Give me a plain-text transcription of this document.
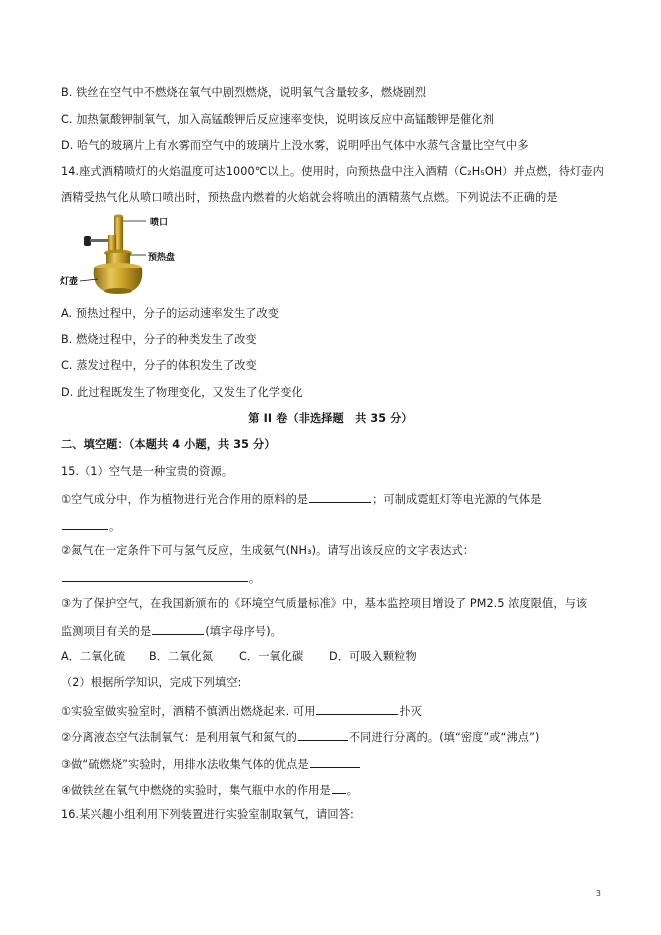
B. 铁丝在空气中不燃烧在氧气中剧烈燃烧，说明氧气含量较多，燃烧剧烈
C. 加热氯酸钾制氧气，加入高锰酸钾后反应速率变快，说明该反应中高锰酸钾是催化剂
D. 哈气的玻璃片上有水雾而空气中的玻璃片上没水雾，说明呼出气体中水蒸气含量比空气中多
14.座式酒精喷灯的火焰温度可达1000℃以上。使用时，向预热盘中注入酒精（C₂H₅OH）并点燃，待灯壶内
酒精受热气化从喷口喷出时，预热盘内燃着的火焰就会将喷出的酒精蒸气点燃。下列说法不正确的是
喷口
预热盘
灯壶
A. 预热过程中，分子的运动速率发生了改变
B. 燃烧过程中，分子的种类发生了改变
C. 蒸发过程中，分子的体积发生了改变
D. 此过程既发生了物理变化，又发生了化学变化
第 II 卷（非选择题　共 35 分）
二、填空题：（本题共 4 小题，共 35 分）
15.（1）空气是一种宝贵的资源。
①空气成分中，作为植物进行光合作用的原料的是	；可制成霓虹灯等电光源的气体是
。
②氮气在一定条件下可与氢气反应，生成氨气(NH₃)。请写出该反应的文字表达式：
。
③为了保护空气，在我国新颁布的《环境空气质量标准》中，基本监控项目增设了 PM2.5 浓度限值，与该
监测项目有关的是	(填字母序号)。
A．二氧化硫 B．二氧化氮 C．一氧化碳 D．可吸入颗粒物
（2）根据所学知识，完成下列填空:
①实验室做实验室时，酒精不慎洒出燃烧起来. 可用	扑灭
②分离液态空气法制氧气：是利用氧气和氮气的	不同进行分离的。(填“密度”或“沸点”)
③做“硫燃烧”实验时，用排水法收集气体的优点是
④做铁丝在氧气中燃烧的实验时，集气瓶中水的作用是 。
16.某兴趣小组利用下列装置进行实验室制取氧气，请回答:
3
